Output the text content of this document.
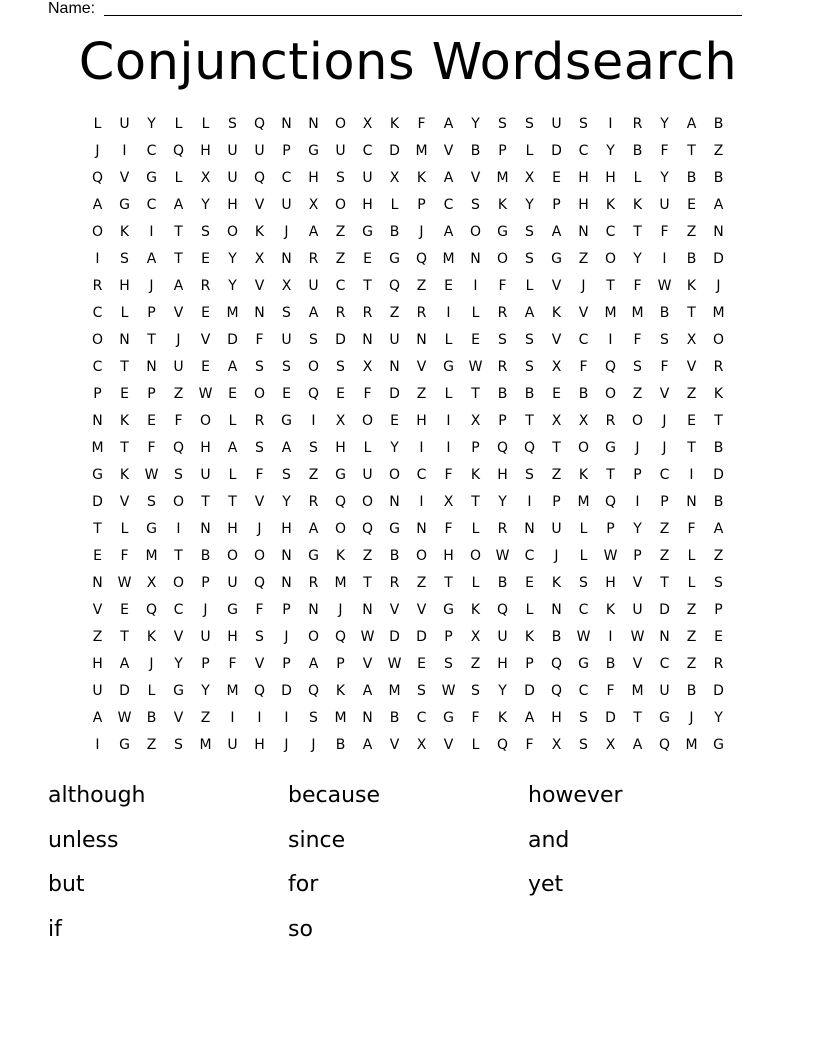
Name:
Conjunctions Wordsearch
L	U	Y	L	L	S	Q	N	N	O	X	K	F	A	Y	S	S	U	S	I	R	Y	A	B
J	I	C	Q	H	U	U	P	G	U	C	D	M	V	B	P	L	D	C	Y	B	F	T	Z
Q	V	G	L	X	U	Q	C	H	S	U	X	K	A	V	M	X	E	H	H	L	Y	B	B
A	G	C	A	Y	H	V	U	X	O	H	L	P	C	S	K	Y	P	H	K	K	U	E	A
O	K	I	T	S	O	K	J	A	Z	G	B	J	A	O	G	S	A	N	C	T	F	Z	N
I	S	A	T	E	Y	X	N	R	Z	E	G	Q	M	N	O	S	G	Z	O	Y	I	B	D
R	H	J	A	R	Y	V	X	U	C	T	Q	Z	E	I	F	L	V	J	T	F	W	K	J
C	L	P	V	E	M	N	S	A	R	R	Z	R	I	L	R	A	K	V	M	M	B	T	M
O	N	T	J	V	D	F	U	S	D	N	U	N	L	E	S	S	V	C	I	F	S	X	O
C	T	N	U	E	A	S	S	O	S	X	N	V	G	W	R	S	X	F	Q	S	F	V	R
P	E	P	Z	W	E	O	E	Q	E	F	D	Z	L	T	B	B	E	B	O	Z	V	Z	K
N	K	E	F	O	L	R	G	I	X	O	E	H	I	X	P	T	X	X	R	O	J	E	T
M	T	F	Q	H	A	S	A	S	H	L	Y	I	I	P	Q	Q	T	O	G	J	J	T	B
G	K	W	S	U	L	F	S	Z	G	U	O	C	F	K	H	S	Z	K	T	P	C	I	D
D	V	S	O	T	T	V	Y	R	Q	O	N	I	X	T	Y	I	P	M	Q	I	P	N	B
T	L	G	I	N	H	J	H	A	O	Q	G	N	F	L	R	N	U	L	P	Y	Z	F	A
E	F	M	T	B	O	O	N	G	K	Z	B	O	H	O	W	C	J	L	W	P	Z	L	Z
N	W	X	O	P	U	Q	N	R	M	T	R	Z	T	L	B	E	K	S	H	V	T	L	S
V	E	Q	C	J	G	F	P	N	J	N	V	V	G	K	Q	L	N	C	K	U	D	Z	P
Z	T	K	V	U	H	S	J	O	Q	W	D	D	P	X	U	K	B	W	I	W	N	Z	E
H	A	J	Y	P	F	V	P	A	P	V	W	E	S	Z	H	P	Q	G	B	V	C	Z	R
U	D	L	G	Y	M	Q	D	Q	K	A	M	S	W	S	Y	D	Q	C	F	M	U	B	D
A	W	B	V	Z	I	I	I	S	M	N	B	C	G	F	K	A	H	S	D	T	G	J	Y
I	G	Z	S	M	U	H	J	J	B	A	V	X	V	L	Q	F	X	S	X	A	Q	M	G
although	because	however
unless	since	and
but	for	yet
if	so
